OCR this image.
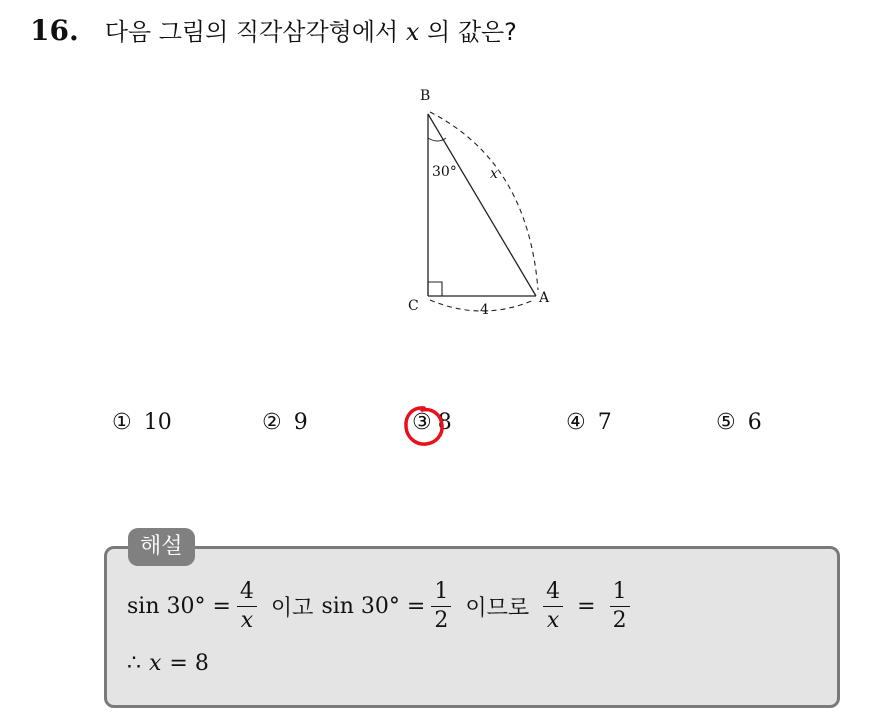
16. 다음 그림의 직각삼각형에서 x 의 값은?
B
C	A
30° x
4
① 10	② 9	③ 8	④ 7	⑤ 6
해설
$\sin 30^\circ = \frac{4}{x}$ 이고 $\sin 30^\circ = \frac{1}{2}$ 이므로 $\frac{4}{x} = \frac{1}{2}$
∴ x = 8
